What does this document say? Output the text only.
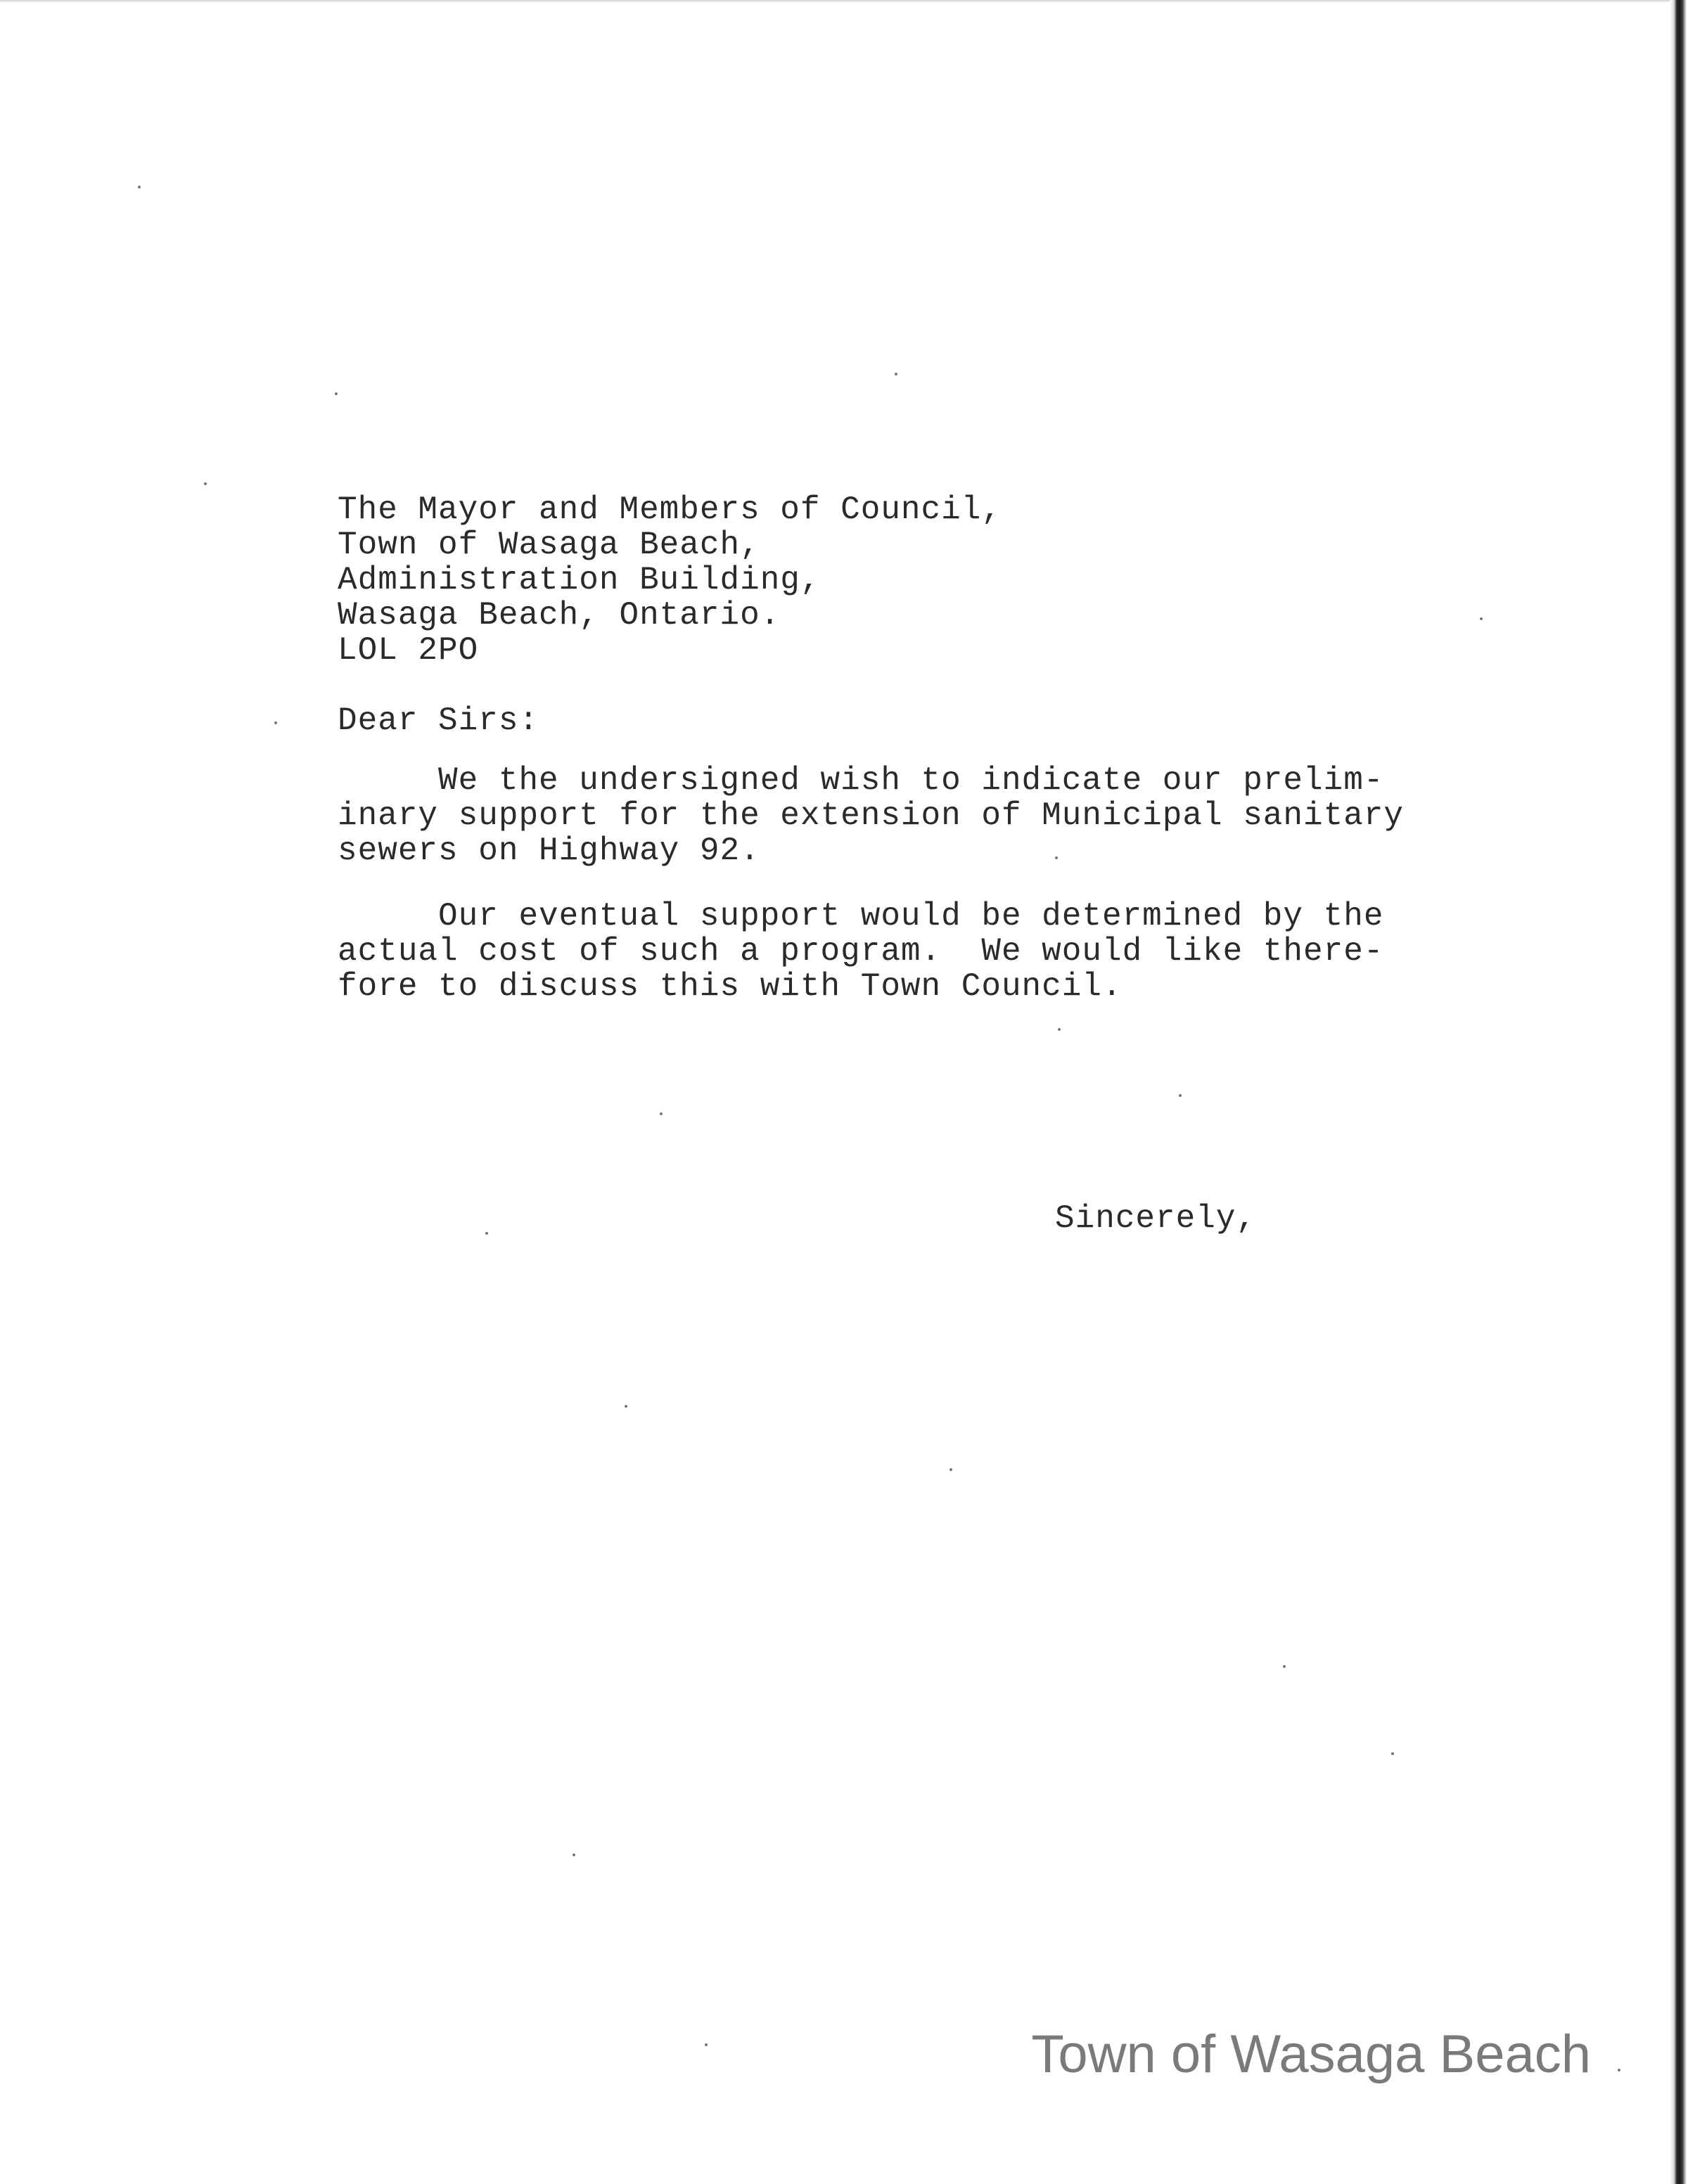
The Mayor and Members of Council,
Town of Wasaga Beach,
Administration Building,
Wasaga Beach, Ontario.
LOL 2PO
Dear Sirs:
We the undersigned wish to indicate our prelim-
inary support for the extension of Municipal sanitary
sewers on Highway 92.
Our eventual support would be determined by the
actual cost of such a program.  We would like there-
fore to discuss this with Town Council.
Sincerely,
Town of Wasaga Beach
